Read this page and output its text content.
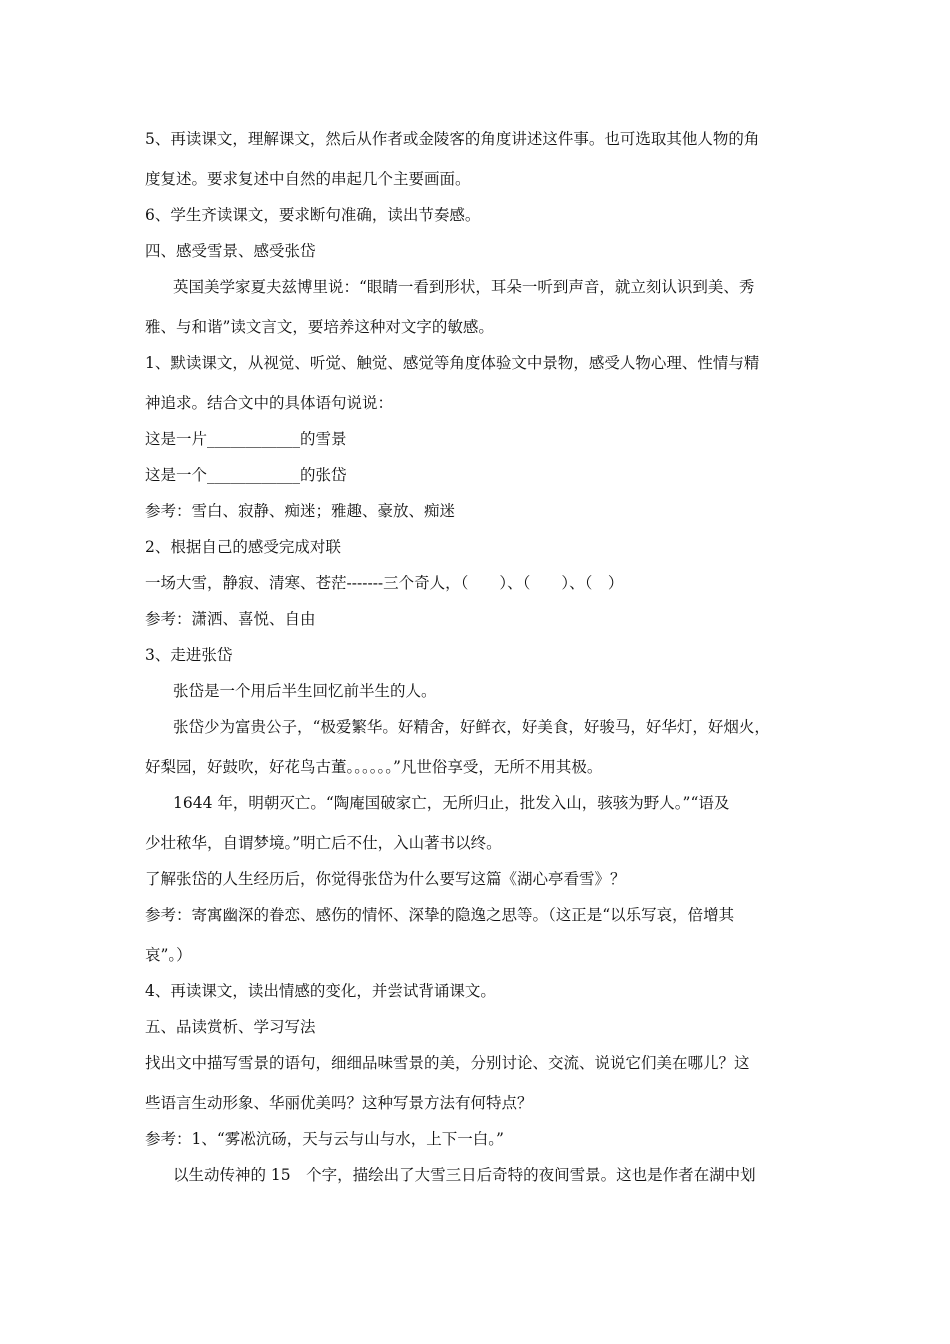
5、再读课文，理解课文，然后从作者或金陵客的角度讲述这件事。也可选取其他人物的角
度复述。要求复述中自然的串起几个主要画面。
6、学生齐读课文，要求断句准确，读出节奏感。
四、感受雪景、感受张岱
英国美学家夏夫兹博里说：“眼睛一看到形状，耳朵一听到声音，就立刻认识到美、秀
雅、与和谐”读文言文，要培养这种对文字的敏感。
1、默读课文，从视觉、听觉、触觉、感觉等角度体验文中景物，感受人物心理、性情与精
神追求。结合文中的具体语句说说：
这是一片____________的雪景
这是一个____________的张岱
参考：雪白、寂静、痴迷；雅趣、豪放、痴迷
2、根据自己的感受完成对联
一场大雪，静寂、清寒、苍茫-------三个奇人，（　　）、（　　）、（　）
参考：潇洒、喜悦、自由
3、走进张岱
张岱是一个用后半生回忆前半生的人。
张岱少为富贵公子，“极爱繁华。好精舍，好鲜衣，好美食，好骏马，好华灯，好烟火，
好梨园，好鼓吹，好花鸟古董。。。。。。”凡世俗享受，无所不用其极。
1644 年，明朝灭亡。“陶庵国破家亡，无所归止，批发入山，骇骇为野人。”“语及
少壮秾华，自谓梦境。”明亡后不仕，入山著书以终。
了解张岱的人生经历后，你觉得张岱为什么要写这篇《湖心亭看雪》？
参考：寄寓幽深的眷恋、感伤的情怀、深挚的隐逸之思等。（这正是“以乐写哀，倍增其
哀”。）
4、再读课文，读出情感的变化，并尝试背诵课文。
五、品读赏析、学习写法
找出文中描写雪景的语句，细细品味雪景的美，分别讨论、交流、说说它们美在哪儿？这
些语言生动形象、华丽优美吗？这种写景方法有何特点？
参考：1、“雾凇沆砀，天与云与山与水，上下一白。”
以生动传神的 15　个字，描绘出了大雪三日后奇特的夜间雪景。这也是作者在湖中划
